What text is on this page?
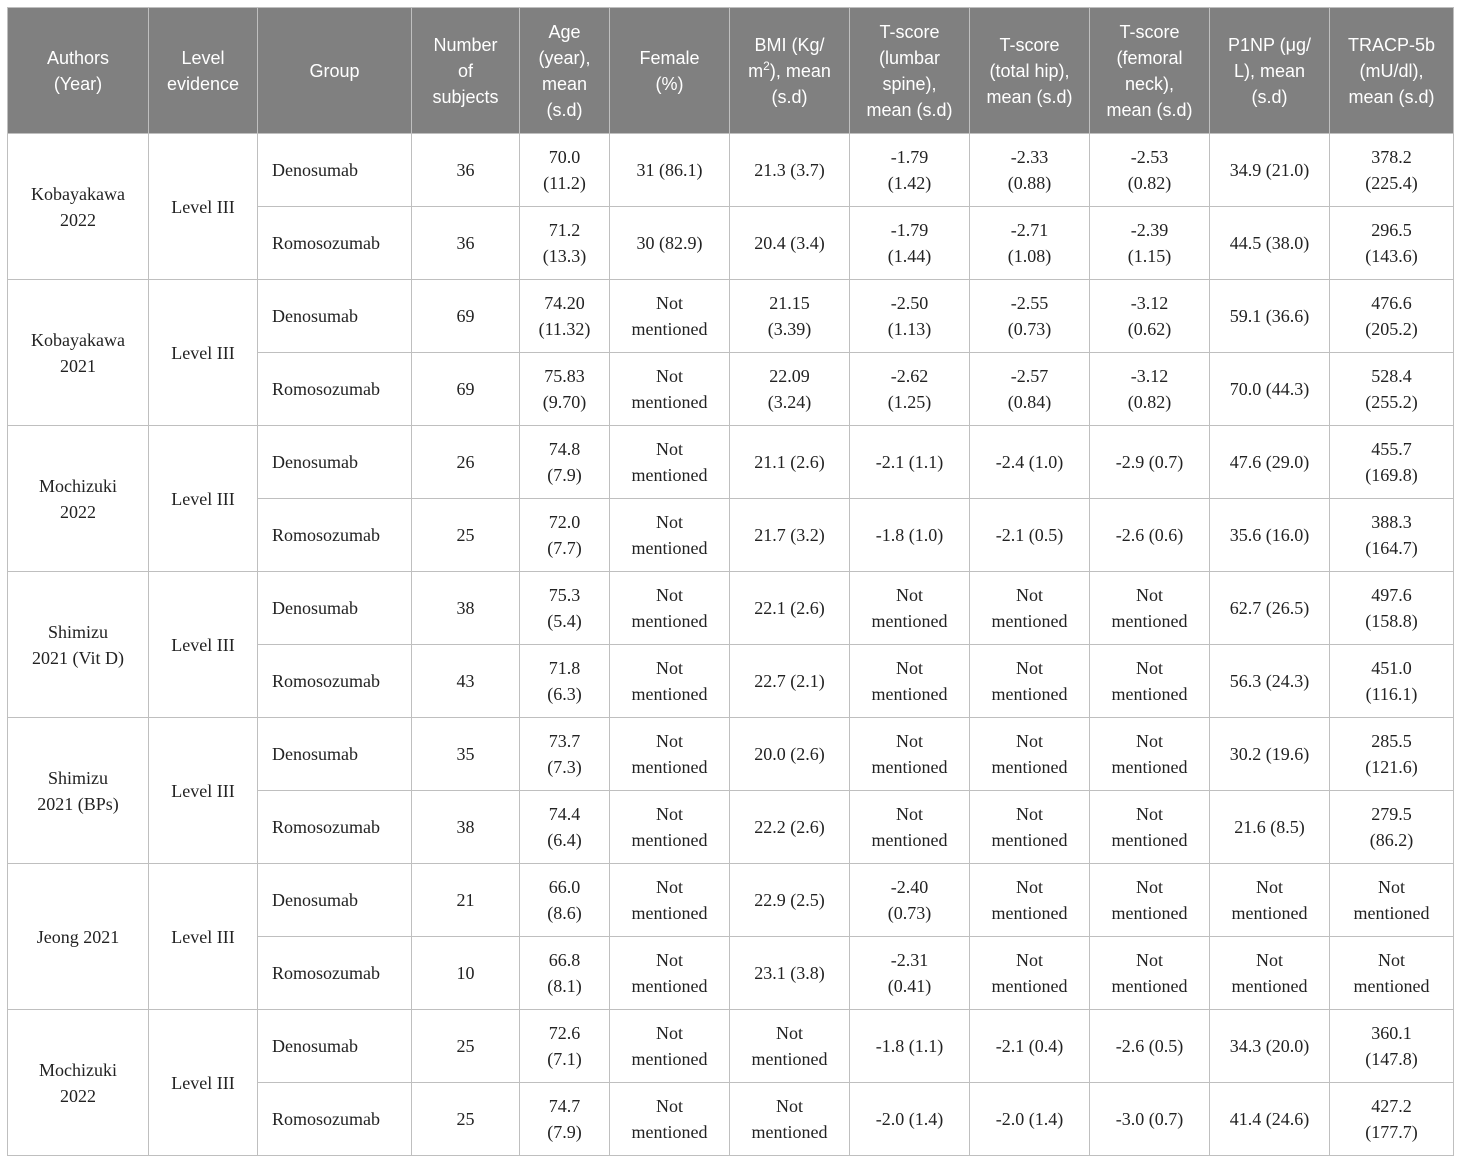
Authors
(Year)	Level
evidence	Group	Number
of
subjects	Age
(year),
mean
(s.d)	Female
(%)	BMI (Kg/
$m^2$), mean
(s.d)	T-score
(lumbar
spine),
mean (s.d)	T-score
(total hip),
mean (s.d)	T-score
(femoral
neck),
mean (s.d)	P1NP (μg/
L), mean
(s.d)	TRACP-5b
(mU/dl),
mean (s.d)

Kobayakawa
2022	Level III	Denosumab	36	70.0
(11.2)	31 (86.1)	21.3 (3.7)	-1.79
(1.42)	-2.33
(0.88)	-2.53
(0.82)	34.9 (21.0)	378.2
(225.4)

		Romosozumab	36	71.2
(13.3)	30 (82.9)	20.4 (3.4)	-1.79
(1.44)	-2.71
(1.08)	-2.39
(1.15)	44.5 (38.0)	296.5
(143.6)

Kobayakawa
2021	Level III	Denosumab	69	74.20
(11.32)	Not
mentioned	21.15
(3.39)	-2.50
(1.13)	-2.55
(0.73)	-3.12
(0.62)	59.1 (36.6)	476.6
(205.2)

		Romosozumab	69	75.83
(9.70)	Not
mentioned	22.09
(3.24)	-2.62
(1.25)	-2.57
(0.84)	-3.12
(0.82)	70.0 (44.3)	528.4
(255.2)

Mochizuki
2022	Level III	Denosumab	26	74.8
(7.9)	Not
mentioned	21.1 (2.6)	-2.1 (1.1)	-2.4 (1.0)	-2.9 (0.7)	47.6 (29.0)	455.7
(169.8)

		Romosozumab	25	72.0
(7.7)	Not
mentioned	21.7 (3.2)	-1.8 (1.0)	-2.1 (0.5)	-2.6 (0.6)	35.6 (16.0)	388.3
(164.7)

Shimizu
2021 (Vit D)	Level III	Denosumab	38	75.3
(5.4)	Not
mentioned	22.1 (2.6)	Not
mentioned	Not
mentioned	Not
mentioned	62.7 (26.5)	497.6
(158.8)

		Romosozumab	43	71.8
(6.3)	Not
mentioned	22.7 (2.1)	Not
mentioned	Not
mentioned	Not
mentioned	56.3 (24.3)	451.0
(116.1)

Shimizu
2021 (BPs)	Level III	Denosumab	35	73.7
(7.3)	Not
mentioned	20.0 (2.6)	Not
mentioned	Not
mentioned	Not
mentioned	30.2 (19.6)	285.5
(121.6)

		Romosozumab	38	74.4
(6.4)	Not
mentioned	22.2 (2.6)	Not
mentioned	Not
mentioned	Not
mentioned	21.6 (8.5)	279.5
(86.2)

Jeong 2021	Level III	Denosumab	21	66.0
(8.6)	Not
mentioned	22.9 (2.5)	-2.40
(0.73)	Not
mentioned	Not
mentioned	Not
mentioned	Not
mentioned

		Romosozumab	10	66.8
(8.1)	Not
mentioned	23.1 (3.8)	-2.31
(0.41)	Not
mentioned	Not
mentioned	Not
mentioned	Not
mentioned

Mochizuki
2022	Level III	Denosumab	25	72.6
(7.1)	Not
mentioned	Not
mentioned	-1.8 (1.1)	-2.1 (0.4)	-2.6 (0.5)	34.3 (20.0)	360.1
(147.8)

		Romosozumab	25	74.7
(7.9)	Not
mentioned	Not
mentioned	-2.0 (1.4)	-2.0 (1.4)	-3.0 (0.7)	41.4 (24.6)	427.2
(177.7)
